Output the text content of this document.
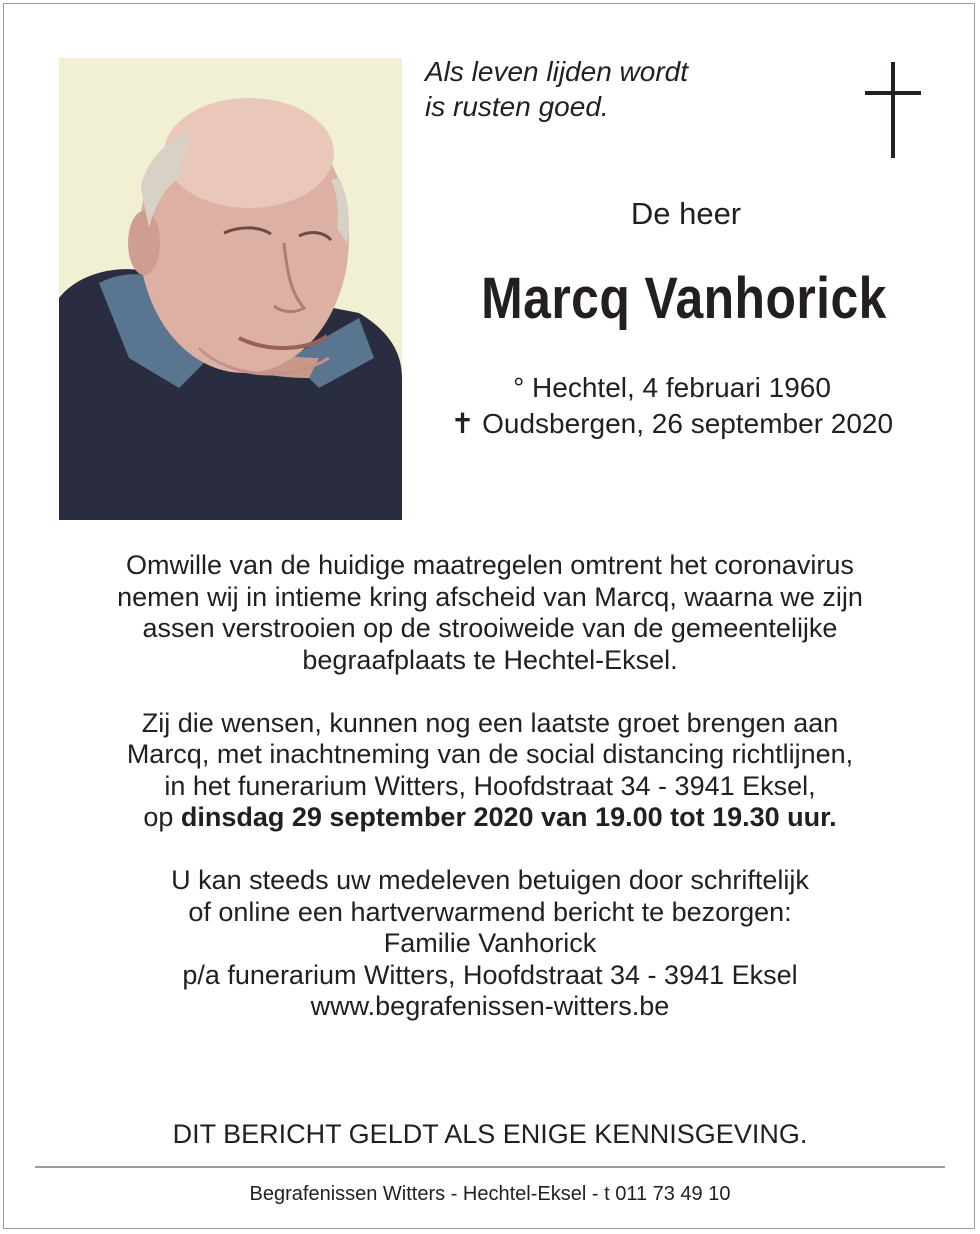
Als leven lijden wordt
is rusten goed.
De heer
Marcq Vanhorick
° Hechtel, 4 februari 1960
✝ Oudsbergen, 26 september 2020
Omwille van de huidige maatregelen omtrent het coronavirus
nemen wij in intieme kring afscheid van Marcq, waarna we zijn
assen verstrooien op de strooiweide van de gemeentelijke
begraafplaats te Hechtel-Eksel.
Zij die wensen, kunnen nog een laatste groet brengen aan
Marcq, met inachtneming van de social distancing richtlijnen,
in het funerarium Witters, Hoofdstraat 34 - 3941 Eksel,
op dinsdag 29 september 2020 van 19.00 tot 19.30 uur.
U kan steeds uw medeleven betuigen door schriftelijk
of online een hartverwarmend bericht te bezorgen:
Familie Vanhorick
p/a funerarium Witters, Hoofdstraat 34 - 3941 Eksel
www.begrafenissen-witters.be
DIT BERICHT GELDT ALS ENIGE KENNISGEVING.
Begrafenissen Witters - Hechtel-Eksel - t 011 73 49 10
